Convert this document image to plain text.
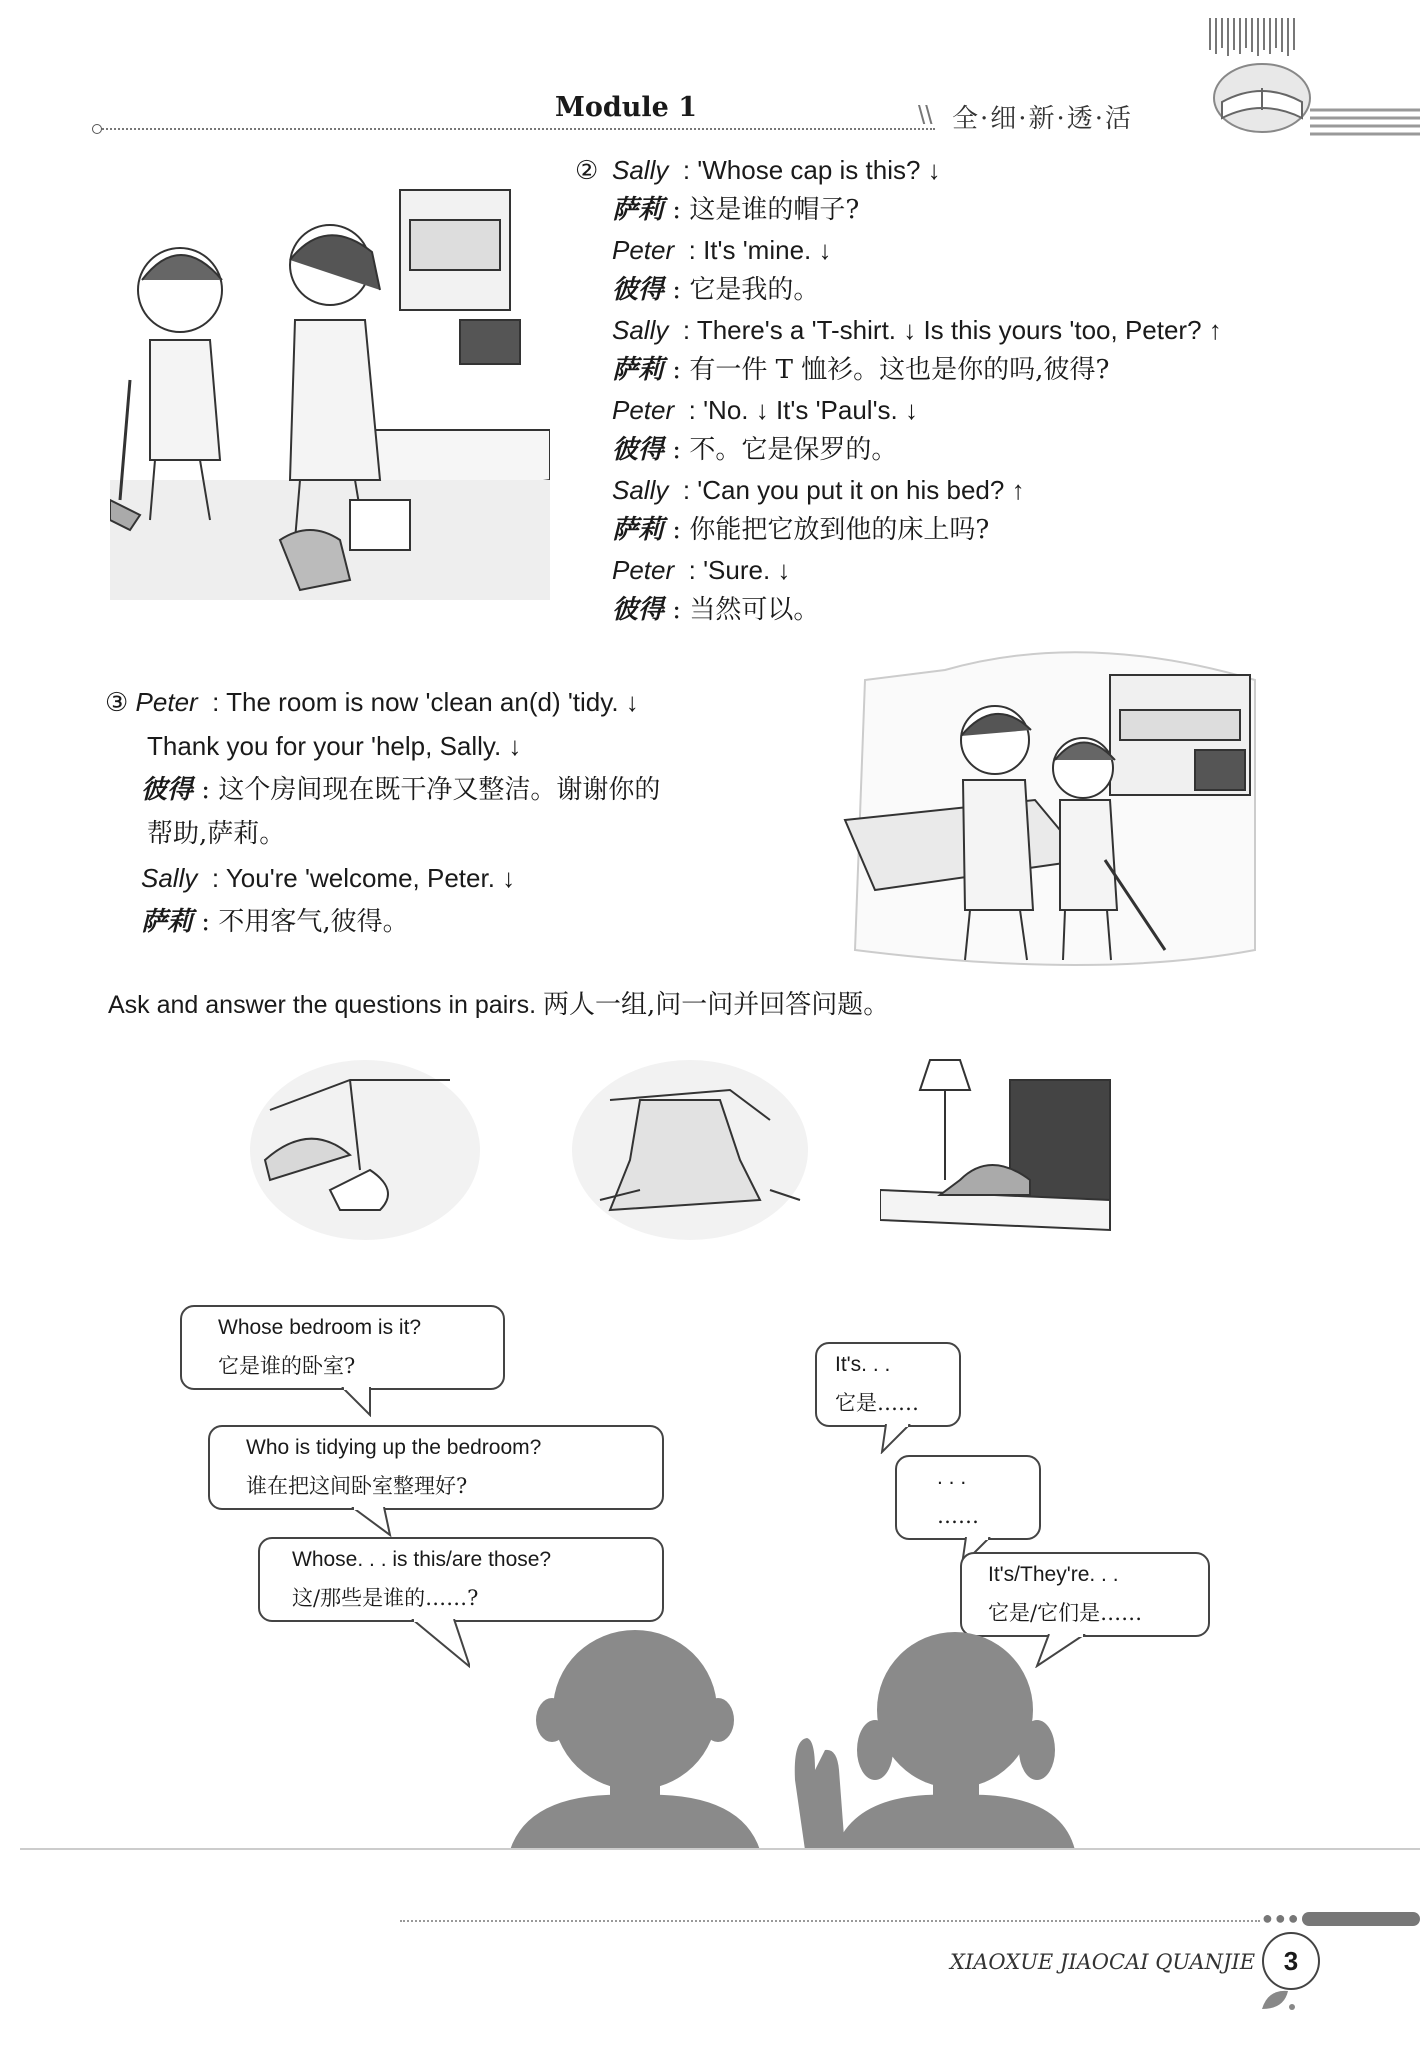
Module 1	\\ 全·细·新·透·活
② Sally  : 'Whose cap is this? ↓
萨莉 : 这是谁的帽子?
Peter  : It's 'mine. ↓
彼得 : 它是我的。
Sally  : There's a 'T-shirt. ↓ Is this yours 'too, Peter? ↑
萨莉 : 有一件 T 恤衫。这也是你的吗,彼得?
Peter  : 'No. ↓ It's 'Paul's. ↓
彼得 : 不。它是保罗的。
Sally  : 'Can you put it on his bed? ↑
萨莉 : 你能把它放到他的床上吗?
Peter  : 'Sure. ↓
彼得 : 当然可以。
③ Peter  : The room is now 'clean an(d) 'tidy. ↓
Thank you for your 'help, Sally. ↓
彼得 : 这个房间现在既干净又整洁。谢谢你的
帮助,萨莉。
Sally  : You're 'welcome, Peter. ↓
萨莉 : 不用客气,彼得。
Ask and answer the questions in pairs. 两人一组,问一问并回答问题。
Whose bedroom is it?
它是谁的卧室?
Who is tidying up the bedroom?
谁在把这间卧室整理好?
Whose. . . is this/are those?
这/那些是谁的……?
It's. . .
它是……
. . .
……
It's/They're. . .
它是/它们是……
●●●
XIAOXUE JIAOCAI QUANJIE	3
